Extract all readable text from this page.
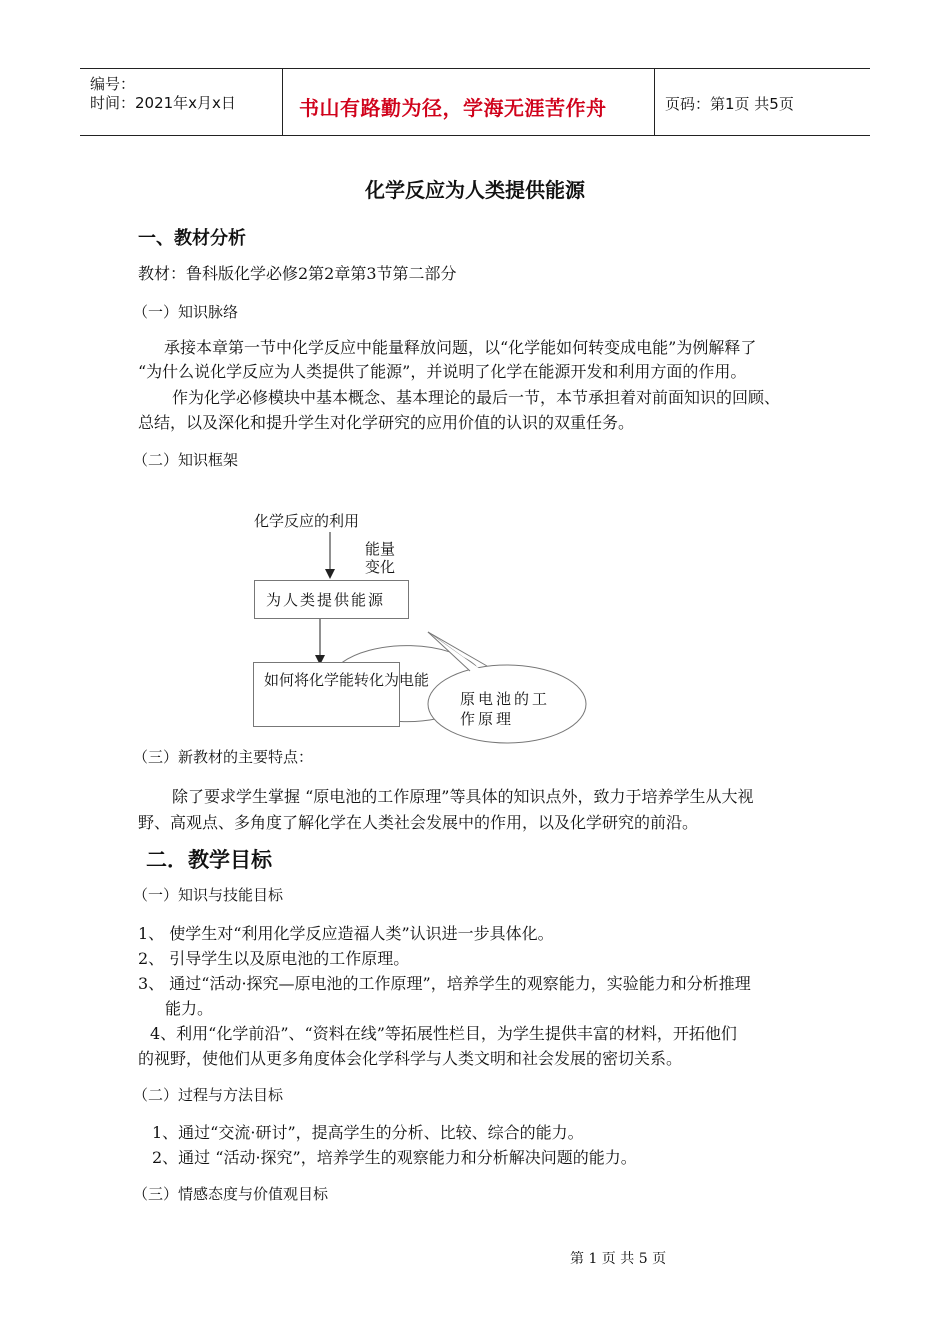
编号：
时间：2021年x月x日	书山有路勤为径，学海无涯苦作舟	页码：第1页 共5页
化学反应为人类提供能源
一、教材分析
教材：鲁科版化学必修2第2章第3节第二部分
（一）知识脉络
承接本章第一节中化学反应中能量释放问题，以“化学能如何转变成电能”为例解释了
“为什么说化学反应为人类提供了能源”，并说明了化学在能源开发和利用方面的作用。
作为化学必修模块中基本概念、基本理论的最后一节，本节承担着对前面知识的回顾、
总结，以及深化和提升学生对化学研究的应用价值的认识的双重任务。
（二）知识框架
化学反应的利用
能量
变化
为人类提供能源
如何将化学能转化为电能
原电池的工
作原理
（三）新教材的主要特点：
除了要求学生掌握 “原电池的工作原理”等具体的知识点外，致力于培养学生从大视
野、高观点、多角度了解化学在人类社会发展中的作用，以及化学研究的前沿。
二．教学目标
（一）知识与技能目标
1、 使学生对“利用化学反应造福人类”认识进一步具体化。
2、 引导学生以及原电池的工作原理。
3、 通过“活动·探究—原电池的工作原理”，培养学生的观察能力，实验能力和分析推理
能力。
4、利用“化学前沿”、“资料在线”等拓展性栏目，为学生提供丰富的材料，开拓他们
的视野，使他们从更多角度体会化学科学与人类文明和社会发展的密切关系。
（二）过程与方法目标
1、通过“交流·研讨”，提高学生的分析、比较、综合的能力。
2、通过 “活动·探究”，培养学生的观察能力和分析解决问题的能力。
（三）情感态度与价值观目标
第 1 页 共 5 页
